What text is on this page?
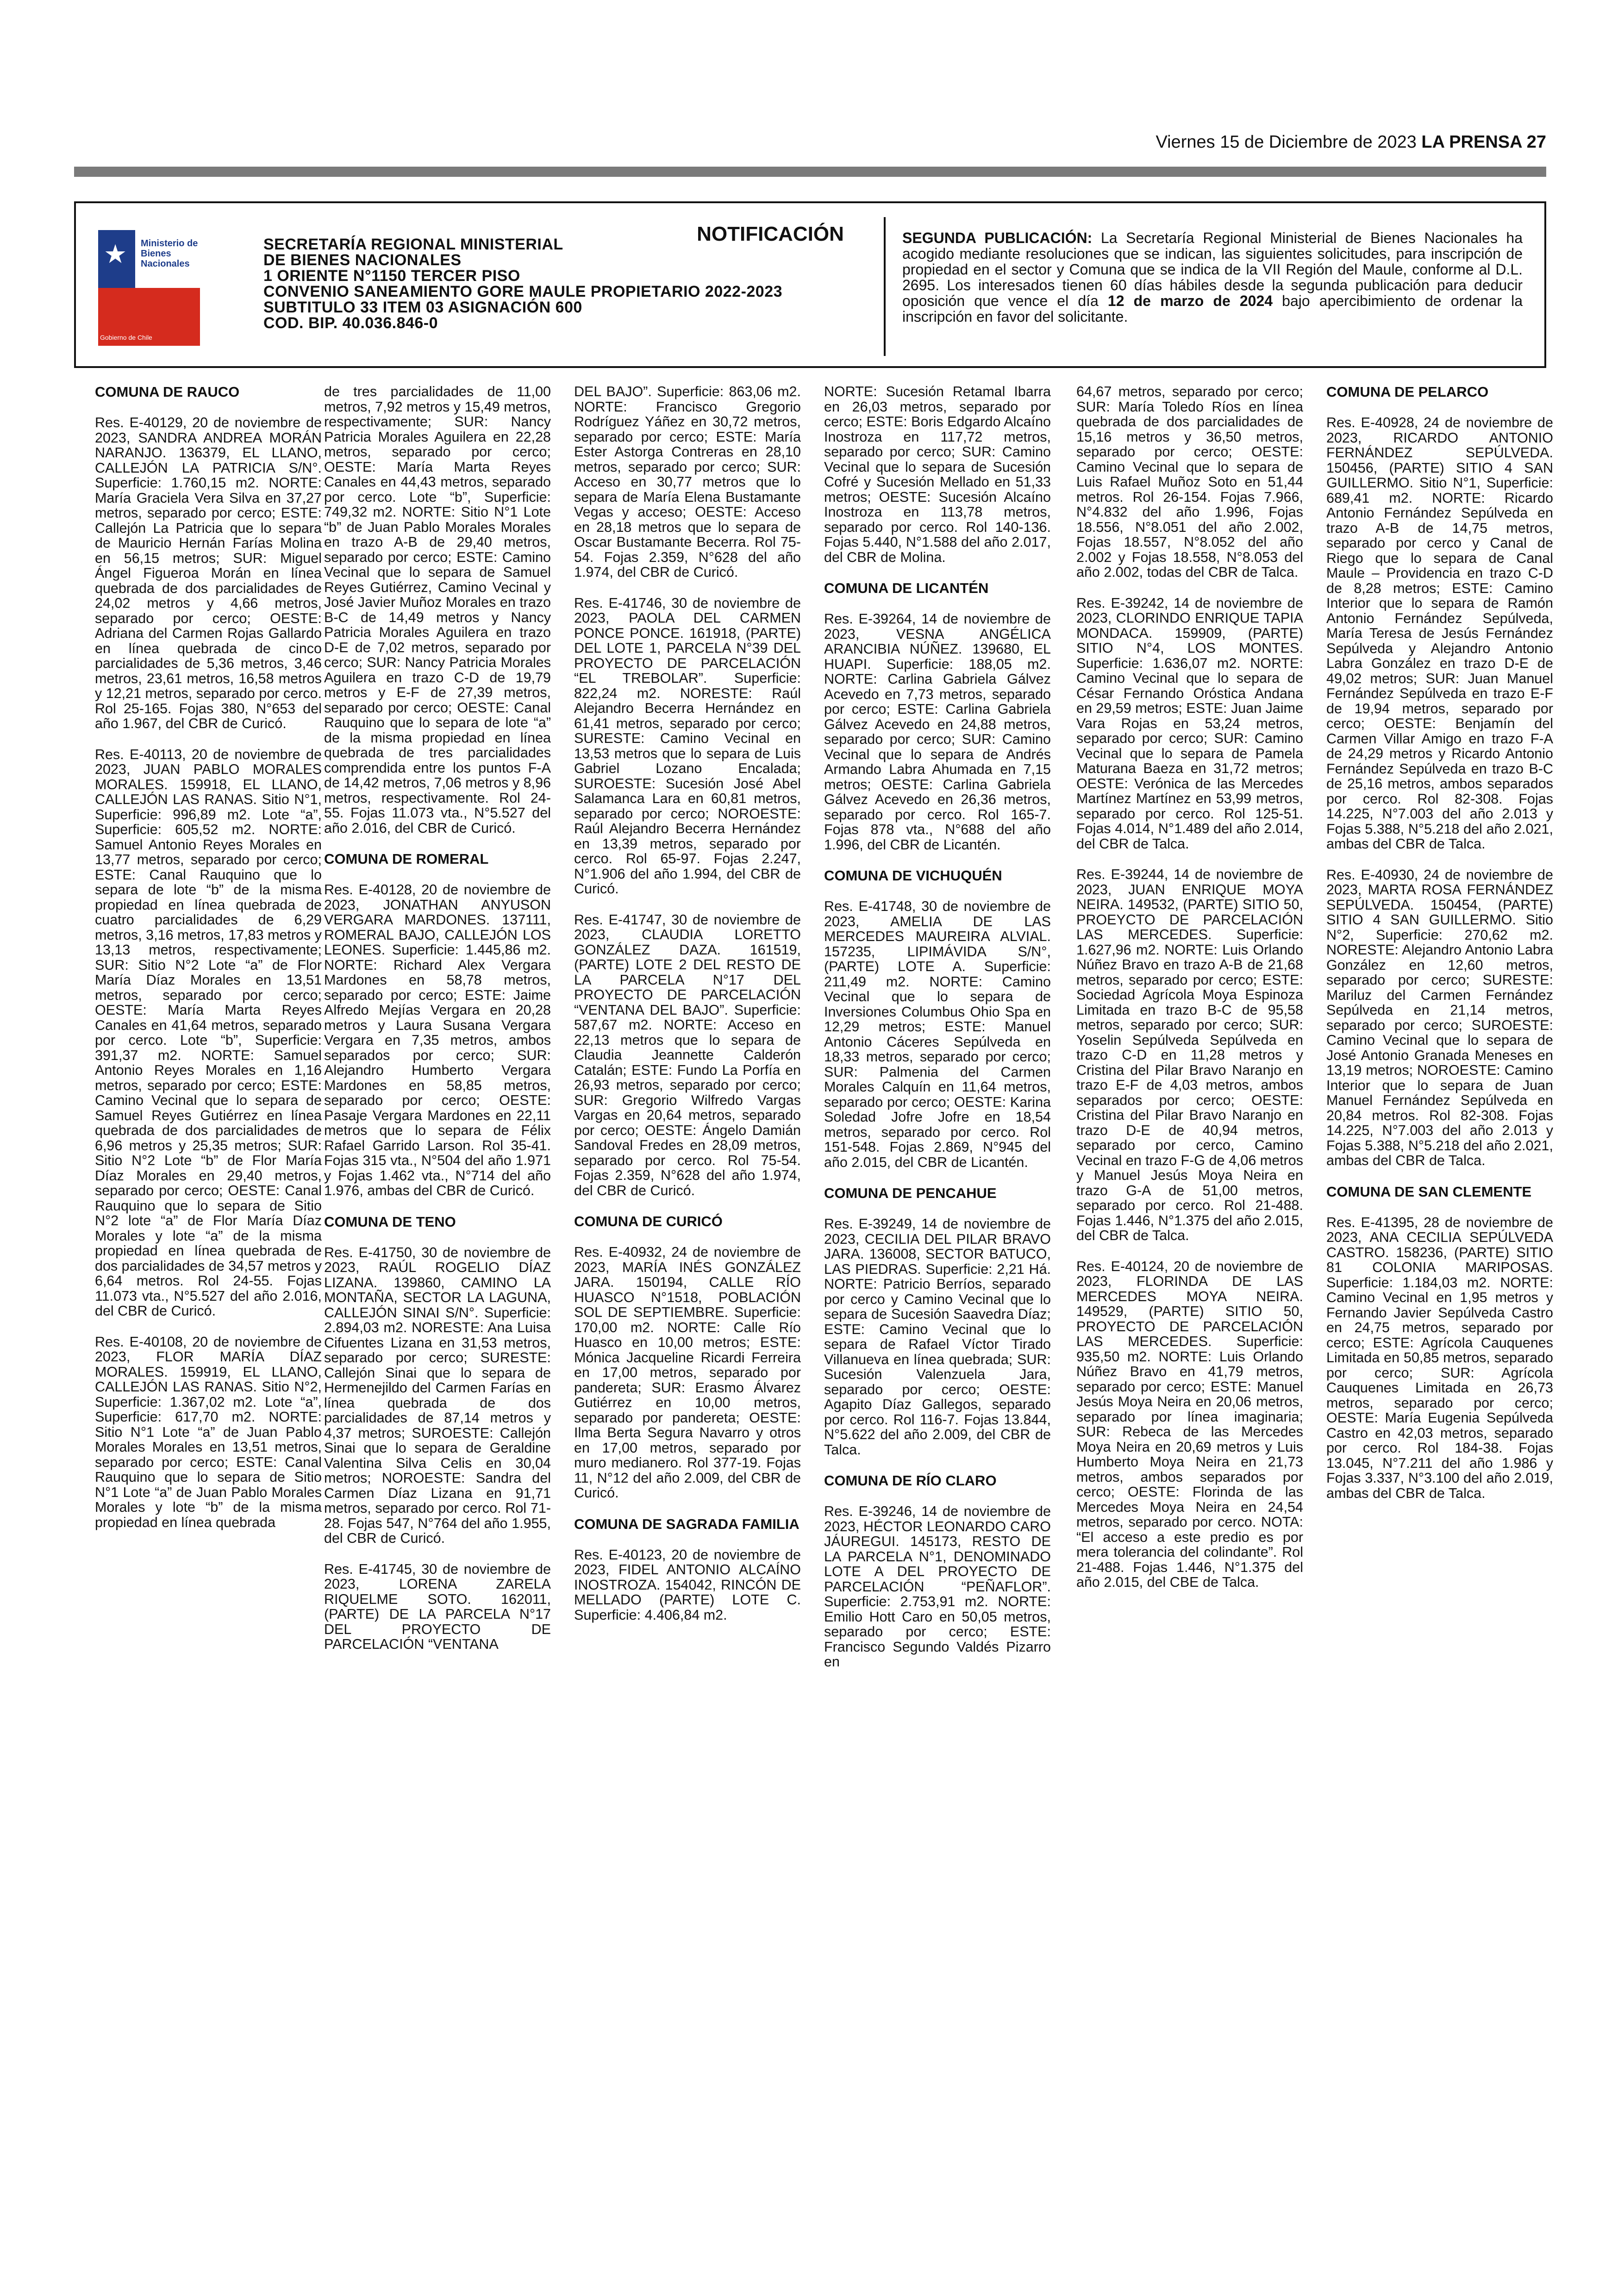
Viernes 15 de Diciembre de 2023 LA PRENSA 27
★ Ministerio de Bienes Nacionales
Gobierno de Chile
SECRETARÍA REGIONAL MINISTERIAL
DE BIENES NACIONALES
1 ORIENTE N°1150 TERCER PISO
CONVENIO SANEAMIENTO GORE MAULE PROPIETARIO 2022-2023
SUBTITULO 33 ITEM 03 ASIGNACIÓN 600
COD. BIP. 40.036.846-0
NOTIFICACIÓN	SEGUNDA PUBLICACIÓN: La Secretaría Regional Ministerial de Bienes Nacionales ha acogido mediante resoluciones que se indican, las siguientes solicitudes, para inscripción de propiedad en el sector y Comuna que se indica de la VII Región del Maule, conforme al D.L. 2695. Los interesados tienen 60 días hábiles desde la segunda publicación para deducir oposición que vence el día 12 de marzo de 2024 bajo apercibimiento de ordenar la inscripción en favor del solicitante.
COMUNA DE RAUCO

Res. E-40129, 20 de noviembre de 2023, SANDRA ANDREA MORÁN NARANJO. 136379, EL LLANO, CALLEJÓN LA PATRICIA S/N°. Superficie: 1.760,15 m2. NORTE: María Graciela Vera Silva en 37,27 metros, separado por cerco; ESTE: Callejón La Patricia que lo separa de Mauricio Hernán Farías Molina en 56,15 metros; SUR: Miguel Ángel Figueroa Morán en línea quebrada de dos parcialidades de 24,02 metros y 4,66 metros, separado por cerco; OESTE: Adriana del Carmen Rojas Gallardo en línea quebrada de cinco parcialidades de 5,36 metros, 3,46 metros, 23,61 metros, 16,58 metros y 12,21 metros, separado por cerco. Rol 25-165. Fojas 380, N°653 del año 1.967, del CBR de Curicó.

Res. E-40113, 20 de noviembre de 2023, JUAN PABLO MORALES MORALES. 159918, EL LLANO, CALLEJÓN LAS RANAS. Sitio N°1, Superficie: 996,89 m2. Lote “a”, Superficie: 605,52 m2. NORTE: Samuel Antonio Reyes Morales en 13,77 metros, separado por cerco; ESTE: Canal Rauquino que lo separa de lote “b” de la misma propiedad en línea quebrada de cuatro parcialidades de 6,29 metros, 3,16 metros, 17,83 metros y 13,13 metros, respectivamente; SUR: Sitio N°2 Lote “a” de Flor María Díaz Morales en 13,51 metros, separado por cerco; OESTE: María Marta Reyes Canales en 41,64 metros, separado por cerco. Lote “b”, Superficie: 391,37 m2. NORTE: Samuel Antonio Reyes Morales en 1,16 metros, separado por cerco; ESTE: Camino Vecinal que lo separa de Samuel Reyes Gutiérrez en línea quebrada de dos parcialidades de 6,96 metros y 25,35 metros; SUR: Sitio N°2 Lote “b” de Flor María Díaz Morales en 29,40 metros, separado por cerco; OESTE: Canal Rauquino que lo separa de Sitio N°2 lote “a” de Flor María Díaz Morales y lote “a” de la misma propiedad en línea quebrada de dos parcialidades de 34,57 metros y 6,64 metros. Rol 24-55. Fojas 11.073 vta., N°5.527 del año 2.016, del CBR de Curicó.

Res. E-40108, 20 de noviembre de 2023, FLOR MARÍA DÍAZ MORALES. 159919, EL LLANO, CALLEJÓN LAS RANAS. Sitio N°2, Superficie: 1.367,02 m2. Lote “a”, Superficie: 617,70 m2. NORTE: Sitio N°1 Lote “a” de Juan Pablo Morales Morales en 13,51 metros, separado por cerco; ESTE: Canal Rauquino que lo separa de Sitio N°1 Lote “a” de Juan Pablo Morales Morales y lote “b” de la misma propiedad en línea quebrada

de tres parcialidades de 11,00 metros, 7,92 metros y 15,49 metros, respectivamente; SUR: Nancy Patricia Morales Aguilera en 22,28 metros, separado por cerco; OESTE: María Marta Reyes Canales en 44,43 metros, separado por cerco. Lote “b”, Superficie: 749,32 m2. NORTE: Sitio N°1 Lote “b” de Juan Pablo Morales Morales en trazo A-B de 29,40 metros, separado por cerco; ESTE: Camino Vecinal que lo separa de Samuel Reyes Gutiérrez, Camino Vecinal y José Javier Muñoz Morales en trazo B-C de 14,49 metros y Nancy Patricia Morales Aguilera en trazo D-E de 7,02 metros, separado por cerco; SUR: Nancy Patricia Morales Aguilera en trazo C-D de 19,79 metros y E-F de 27,39 metros, separado por cerco; OESTE: Canal Rauquino que lo separa de lote “a” de la misma propiedad en línea quebrada de tres parcialidades comprendida entre los puntos F-A de 14,42 metros, 7,06 metros y 8,96 metros, respectivamente. Rol 24-55. Fojas 11.073 vta., N°5.527 del año 2.016, del CBR de Curicó.

COMUNA DE ROMERAL

Res. E-40128, 20 de noviembre de 2023, JONATHAN ANYUSON VERGARA MARDONES. 137111, ROMERAL BAJO, CALLEJÓN LOS LEONES. Superficie: 1.445,86 m2. NORTE: Richard Alex Vergara Mardones en 58,78 metros, separado por cerco; ESTE: Jaime Alfredo Mejías Vergara en 20,28 metros y Laura Susana Vergara Vergara en 7,35 metros, ambos separados por cerco; SUR: Alejandro Humberto Vergara Mardones en 58,85 metros, separado por cerco; OESTE: Pasaje Vergara Mardones en 22,11 metros que lo separa de Félix Rafael Garrido Larson. Rol 35-41. Fojas 315 vta., N°504 del año 1.971 y Fojas 1.462 vta., N°714 del año 1.976, ambas del CBR de Curicó.

COMUNA DE TENO

Res. E-41750, 30 de noviembre de 2023, RAÚL ROGELIO DÍAZ LIZANA. 139860, CAMINO LA MONTAÑA, SECTOR LA LAGUNA, CALLEJÓN SINAI S/N°. Superficie: 2.894,03 m2. NORESTE: Ana Luisa Cifuentes Lizana en 31,53 metros, separado por cerco; SURESTE: Callejón Sinai que lo separa de Hermenejildo del Carmen Farías en línea quebrada de dos parcialidades de 87,14 metros y 4,37 metros; SUROESTE: Callejón Sinai que lo separa de Geraldine Valentina Silva Celis en 30,04 metros; NOROESTE: Sandra del Carmen Díaz Lizana en 91,71 metros, separado por cerco. Rol 71-28. Fojas 547, N°764 del año 1.955, del CBR de Curicó.

Res. E-41745, 30 de noviembre de 2023, LORENA ZARELA RIQUELME SOTO. 162011, (PARTE) DE LA PARCELA N°17 DEL PROYECTO DE PARCELACIÓN “VENTANA

DEL BAJO”. Superficie: 863,06 m2. NORTE: Francisco Gregorio Rodríguez Yáñez en 30,72 metros, separado por cerco; ESTE: María Ester Astorga Contreras en 28,10 metros, separado por cerco; SUR: Acceso en 30,77 metros que lo separa de María Elena Bustamante Vegas y acceso; OESTE: Acceso en 28,18 metros que lo separa de Oscar Bustamante Becerra. Rol 75-54. Fojas 2.359, N°628 del año 1.974, del CBR de Curicó.

Res. E-41746, 30 de noviembre de 2023, PAOLA DEL CARMEN PONCE PONCE. 161918, (PARTE) DEL LOTE 1, PARCELA N°39 DEL PROYECTO DE PARCELACIÓN “EL TREBOLAR”. Superficie: 822,24 m2. NORESTE: Raúl Alejandro Becerra Hernández en 61,41 metros, separado por cerco; SURESTE: Camino Vecinal en 13,53 metros que lo separa de Luis Gabriel Lozano Encalada; SUROESTE: Sucesión José Abel Salamanca Lara en 60,81 metros, separado por cerco; NOROESTE: Raúl Alejandro Becerra Hernández en 13,39 metros, separado por cerco. Rol 65-97. Fojas 2.247, N°1.906 del año 1.994, del CBR de Curicó.

Res. E-41747, 30 de noviembre de 2023, CLAUDIA LORETTO GONZÁLEZ DAZA. 161519, (PARTE) LOTE 2 DEL RESTO DE LA PARCELA N°17 DEL PROYECTO DE PARCELACIÓN “VENTANA DEL BAJO”. Superficie: 587,67 m2. NORTE: Acceso en 22,13 metros que lo separa de Claudia Jeannette Calderón Catalán; ESTE: Fundo La Porfía en 26,93 metros, separado por cerco; SUR: Gregorio Wilfredo Vargas Vargas en 20,64 metros, separado por cerco; OESTE: Ángelo Damián Sandoval Fredes en 28,09 metros, separado por cerco. Rol 75-54. Fojas 2.359, N°628 del año 1.974, del CBR de Curicó.

COMUNA DE CURICÓ

Res. E-40932, 24 de noviembre de 2023, MARÍA INÉS GONZÁLEZ JARA. 150194, CALLE RÍO HUASCO N°1518, POBLACIÓN SOL DE SEPTIEMBRE. Superficie: 170,00 m2. NORTE: Calle Río Huasco en 10,00 metros; ESTE: Mónica Jacqueline Ricardi Ferreira en 17,00 metros, separado por pandereta; SUR: Erasmo Álvarez Gutiérrez en 10,00 metros, separado por pandereta; OESTE: Ilma Berta Segura Navarro y otros en 17,00 metros, separado por muro medianero. Rol 377-19. Fojas 11, N°12 del año 2.009, del CBR de Curicó.

COMUNA DE SAGRADA FAMILIA

Res. E-40123, 20 de noviembre de 2023, FIDEL ANTONIO ALCAÍNO INOSTROZA. 154042, RINCÓN DE MELLADO (PARTE) LOTE C. Superficie: 4.406,84 m2.

NORTE: Sucesión Retamal Ibarra en 26,03 metros, separado por cerco; ESTE: Boris Edgardo Alcaíno Inostroza en 117,72 metros, separado por cerco; SUR: Camino Vecinal que lo separa de Sucesión Cofré y Sucesión Mellado en 51,33 metros; OESTE: Sucesión Alcaíno Inostroza en 113,78 metros, separado por cerco. Rol 140-136. Fojas 5.440, N°1.588 del año 2.017, del CBR de Molina.

COMUNA DE LICANTÉN

Res. E-39264, 14 de noviembre de 2023, VESNA ANGÉLICA ARANCIBIA NÚÑEZ. 139680, EL HUAPI. Superficie: 188,05 m2. NORTE: Carlina Gabriela Gálvez Acevedo en 7,73 metros, separado por cerco; ESTE: Carlina Gabriela Gálvez Acevedo en 24,88 metros, separado por cerco; SUR: Camino Vecinal que lo separa de Andrés Armando Labra Ahumada en 7,15 metros; OESTE: Carlina Gabriela Gálvez Acevedo en 26,36 metros, separado por cerco. Rol 165-7. Fojas 878 vta., N°688 del año 1.996, del CBR de Licantén.

COMUNA DE VICHUQUÉN

Res. E-41748, 30 de noviembre de 2023, AMELIA DE LAS MERCEDES MAUREIRA ALVIAL. 157235, LIPIMÁVIDA S/N°, (PARTE) LOTE A. Superficie: 211,49 m2. NORTE: Camino Vecinal que lo separa de Inversiones Columbus Ohio Spa en 12,29 metros; ESTE: Manuel Antonio Cáceres Sepúlveda en 18,33 metros, separado por cerco; SUR: Palmenia del Carmen Morales Calquín en 11,64 metros, separado por cerco; OESTE: Karina Soledad Jofre Jofre en 18,54 metros, separado por cerco. Rol 151-548. Fojas 2.869, N°945 del año 2.015, del CBR de Licantén.

COMUNA DE PENCAHUE

Res. E-39249, 14 de noviembre de 2023, CECILIA DEL PILAR BRAVO JARA. 136008, SECTOR BATUCO, LAS PIEDRAS. Superficie: 2,21 Há. NORTE: Patricio Berríos, separado por cerco y Camino Vecinal que lo separa de Sucesión Saavedra Díaz; ESTE: Camino Vecinal que lo separa de Rafael Víctor Tirado Villanueva en línea quebrada; SUR: Sucesión Valenzuela Jara, separado por cerco; OESTE: Agapito Díaz Gallegos, separado por cerco. Rol 116-7. Fojas 13.844, N°5.622 del año 2.009, del CBR de Talca.

COMUNA DE RÍO CLARO

Res. E-39246, 14 de noviembre de 2023, HÉCTOR LEONARDO CARO JÁUREGUI. 145173, RESTO DE LA PARCELA N°1, DENOMINADO LOTE A DEL PROYECTO DE PARCELACIÓN “PEÑAFLOR”. Superficie: 2.753,91 m2. NORTE: Emilio Hott Caro en 50,05 metros, separado por cerco; ESTE: Francisco Segundo Valdés Pizarro en

64,67 metros, separado por cerco; SUR: María Toledo Ríos en línea quebrada de dos parcialidades de 15,16 metros y 36,50 metros, separado por cerco; OESTE: Camino Vecinal que lo separa de Luis Rafael Muñoz Soto en 51,44 metros. Rol 26-154. Fojas 7.966, N°4.832 del año 1.996, Fojas 18.556, N°8.051 del año 2.002, Fojas 18.557, N°8.052 del año 2.002 y Fojas 18.558, N°8.053 del año 2.002, todas del CBR de Talca.

Res. E-39242, 14 de noviembre de 2023, CLORINDO ENRIQUE TAPIA MONDACA. 159909, (PARTE) SITIO N°4, LOS MONTES. Superficie: 1.636,07 m2. NORTE: Camino Vecinal que lo separa de César Fernando Oróstica Andana en 29,59 metros; ESTE: Juan Jaime Vara Rojas en 53,24 metros, separado por cerco; SUR: Camino Vecinal que lo separa de Pamela Maturana Baeza en 31,72 metros; OESTE: Verónica de las Mercedes Martínez Martínez en 53,99 metros, separado por cerco. Rol 125-51. Fojas 4.014, N°1.489 del año 2.014, del CBR de Talca.

Res. E-39244, 14 de noviembre de 2023, JUAN ENRIQUE MOYA NEIRA. 149532, (PARTE) SITIO 50, PROEYCTO DE PARCELACIÓN LAS MERCEDES. Superficie: 1.627,96 m2. NORTE: Luis Orlando Núñez Bravo en trazo A-B de 21,68 metros, separado por cerco; ESTE: Sociedad Agrícola Moya Espinoza Limitada en trazo B-C de 95,58 metros, separado por cerco; SUR: Yoselin Sepúlveda Sepúlveda en trazo C-D en 11,28 metros y Cristina del Pilar Bravo Naranjo en trazo E-F de 4,03 metros, ambos separados por cerco; OESTE: Cristina del Pilar Bravo Naranjo en trazo D-E de 40,94 metros, separado por cerco, Camino Vecinal en trazo F-G de 4,06 metros y Manuel Jesús Moya Neira en trazo G-A de 51,00 metros, separado por cerco. Rol 21-488. Fojas 1.446, N°1.375 del año 2.015, del CBR de Talca.

Res. E-40124, 20 de noviembre de 2023, FLORINDA DE LAS MERCEDES MOYA NEIRA. 149529, (PARTE) SITIO 50, PROYECTO DE PARCELACIÓN LAS MERCEDES. Superficie: 935,50 m2. NORTE: Luis Orlando Núñez Bravo en 41,79 metros, separado por cerco; ESTE: Manuel Jesús Moya Neira en 20,06 metros, separado por línea imaginaria; SUR: Rebeca de las Mercedes Moya Neira en 20,69 metros y Luis Humberto Moya Neira en 21,73 metros, ambos separados por cerco; OESTE: Florinda de las Mercedes Moya Neira en 24,54 metros, separado por cerco. NOTA: “El acceso a este predio es por mera tolerancia del colindante”. Rol 21-488. Fojas 1.446, N°1.375 del año 2.015, del CBE de Talca.

COMUNA DE PELARCO

Res. E-40928, 24 de noviembre de 2023, RICARDO ANTONIO FERNÁNDEZ SEPÚLVEDA. 150456, (PARTE) SITIO 4 SAN GUILLERMO. Sitio N°1, Superficie: 689,41 m2. NORTE: Ricardo Antonio Fernández Sepúlveda en trazo A-B de 14,75 metros, separado por cerco y Canal de Riego que lo separa de Canal Maule – Providencia en trazo C-D de 8,28 metros; ESTE: Camino Interior que lo separa de Ramón Antonio Fernández Sepúlveda, María Teresa de Jesús Fernández Sepúlveda y Alejandro Antonio Labra González en trazo D-E de 49,02 metros; SUR: Juan Manuel Fernández Sepúlveda en trazo E-F de 19,94 metros, separado por cerco; OESTE: Benjamín del Carmen Villar Amigo en trazo F-A de 24,29 metros y Ricardo Antonio Fernández Sepúlveda en trazo B-C de 25,16 metros, ambos separados por cerco. Rol 82-308. Fojas 14.225, N°7.003 del año 2.013 y Fojas 5.388, N°5.218 del año 2.021, ambas del CBR de Talca.

Res. E-40930, 24 de noviembre de 2023, MARTA ROSA FERNÁNDEZ SEPÚLVEDA. 150454, (PARTE) SITIO 4 SAN GUILLERMO. Sitio N°2, Superficie: 270,62 m2. NORESTE: Alejandro Antonio Labra González en 12,60 metros, separado por cerco; SURESTE: Mariluz del Carmen Fernández Sepúlveda en 21,14 metros, separado por cerco; SUROESTE: Camino Vecinal que lo separa de José Antonio Granada Meneses en 13,19 metros; NOROESTE: Camino Interior que lo separa de Juan Manuel Fernández Sepúlveda en 20,84 metros. Rol 82-308. Fojas 14.225, N°7.003 del año 2.013 y Fojas 5.388, N°5.218 del año 2.021, ambas del CBR de Talca.

COMUNA DE SAN CLEMENTE

Res. E-41395, 28 de noviembre de 2023, ANA CECILIA SEPÚLVEDA CASTRO. 158236, (PARTE) SITIO 81 COLONIA MARIPOSAS. Superficie: 1.184,03 m2. NORTE: Camino Vecinal en 1,95 metros y Fernando Javier Sepúlveda Castro en 24,75 metros, separado por cerco; ESTE: Agrícola Cauquenes Limitada en 50,85 metros, separado por cerco; SUR: Agrícola Cauquenes Limitada en 26,73 metros, separado por cerco; OESTE: María Eugenia Sepúlveda Castro en 42,03 metros, separado por cerco. Rol 184-38. Fojas 13.045, N°7.211 del año 1.986 y Fojas 3.337, N°3.100 del año 2.019, ambas del CBR de Talca.
